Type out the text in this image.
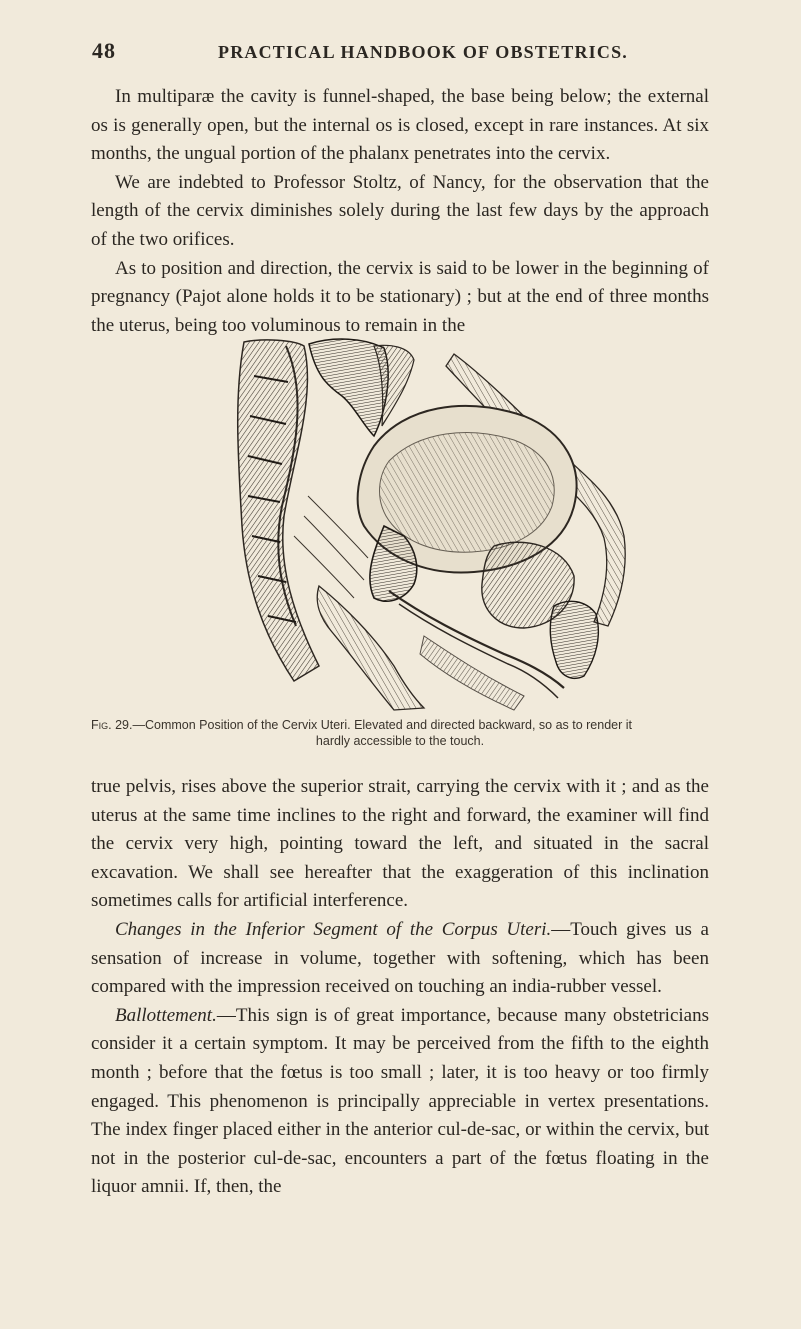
48	PRACTICAL HANDBOOK OF OBSTETRICS.

In multiparæ the cavity is funnel-shaped, the base being below; the external os is generally open, but the internal os is closed, except in rare instances. At six months, the ungual portion of the phalanx penetrates into the cervix.

We are indebted to Professor Stoltz, of Nancy, for the observation that the length of the cervix diminishes solely during the last few days by the approach of the two orifices.

As to position and direction, the cervix is said to be lower in the beginning of pregnancy (Pajot alone holds it to be stationary) ; but at the end of three months the uterus, being too voluminous to remain in the

Fig. 29.—Common Position of the Cervix Uteri. Elevated and directed backward, so as to render it
hardly accessible to the touch.

true pelvis, rises above the superior strait, carrying the cervix with it ; and as the uterus at the same time inclines to the right and forward, the examiner will find the cervix very high, pointing toward the left, and situated in the sacral excavation. We shall see hereafter that the exaggeration of this inclination sometimes calls for artificial interference.

Changes in the Inferior Segment of the Corpus Uteri.—Touch gives us a sensation of increase in volume, together with softening, which has been compared with the impression received on touching an india-rubber vessel.

Ballottement.—This sign is of great importance, because many obstetricians consider it a certain symptom. It may be perceived from the fifth to the eighth month ; before that the fœtus is too small ; later, it is too heavy or too firmly engaged. This phenomenon is principally appreciable in vertex presentations. The index finger placed either in the anterior cul-de-sac, or within the cervix, but not in the posterior cul-de-sac, encounters a part of the fœtus floating in the liquor amnii. If, then, the
